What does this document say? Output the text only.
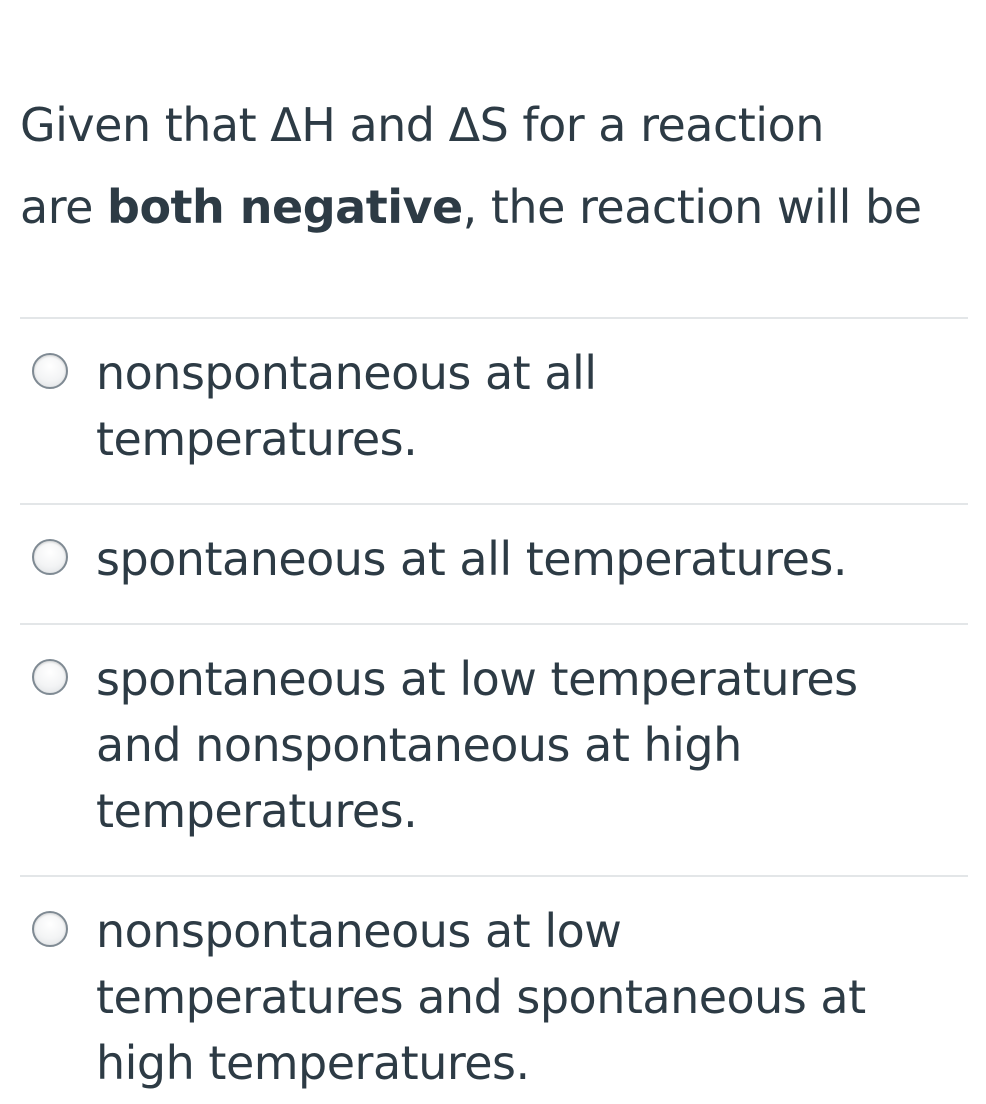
Given that ΔH and ΔS for a reaction
are both negative, the reaction will be
nonspontaneous at all
temperatures.
spontaneous at all temperatures.
spontaneous at low temperatures
and nonspontaneous at high
temperatures.
nonspontaneous at low
temperatures and spontaneous at
high temperatures.
